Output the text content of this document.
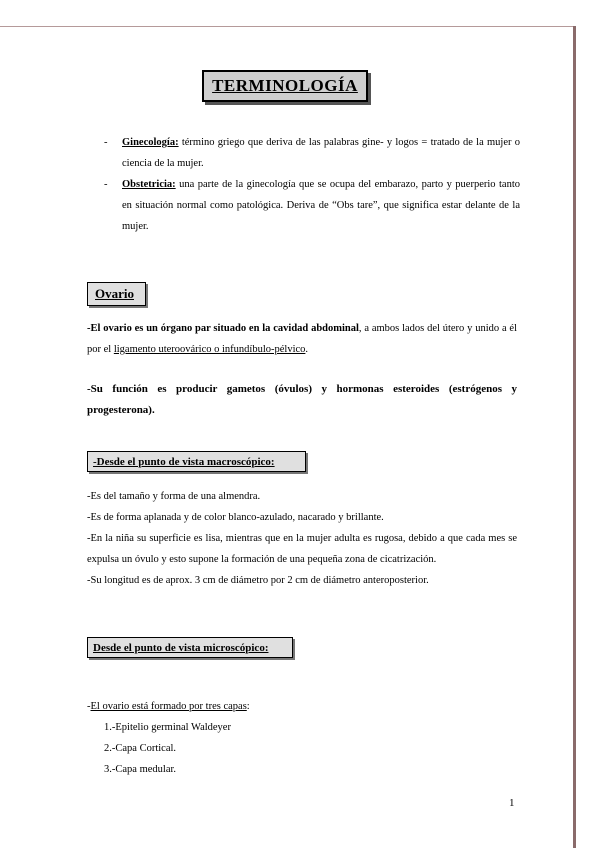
TERMINOLOGÍA
- Ginecología: término griego que deriva de las palabras gine- y logos = tratado de la mujer o ciencia de la mujer.
- Obstetricia: una parte de la ginecología que se ocupa del embarazo, parto y puerperio tanto en situación normal como patológica. Deriva de “Obs tare”, que significa estar delante de la mujer.
Ovario

-El ovario es un órgano par situado en la cavidad abdominal, a ambos lados del útero y unido a él por el ligamento uteroovárico o infundíbulo-pélvico.

-Su función es producir gametos (óvulos) y hormonas esteroides (estrógenos y progesterona).

-Desde el punto de vista macroscópico:
-Es del tamaño y forma de una almendra.
-Es de forma aplanada y de color blanco-azulado, nacarado y brillante.
-En la niña su superficie es lisa, mientras que en la mujer adulta es rugosa, debido a que cada mes se expulsa un óvulo y esto supone la formación de una pequeña zona de cicatrización.
-Su longitud es de aprox. 3 cm de diámetro por 2 cm de diámetro anteroposterior.
Desde el punto de vista microscópico:

-El ovario está formado por tres capas:

1.-Epitelio germinal Waldeyer
2.-Capa Cortical.
3.-Capa medular.
1
